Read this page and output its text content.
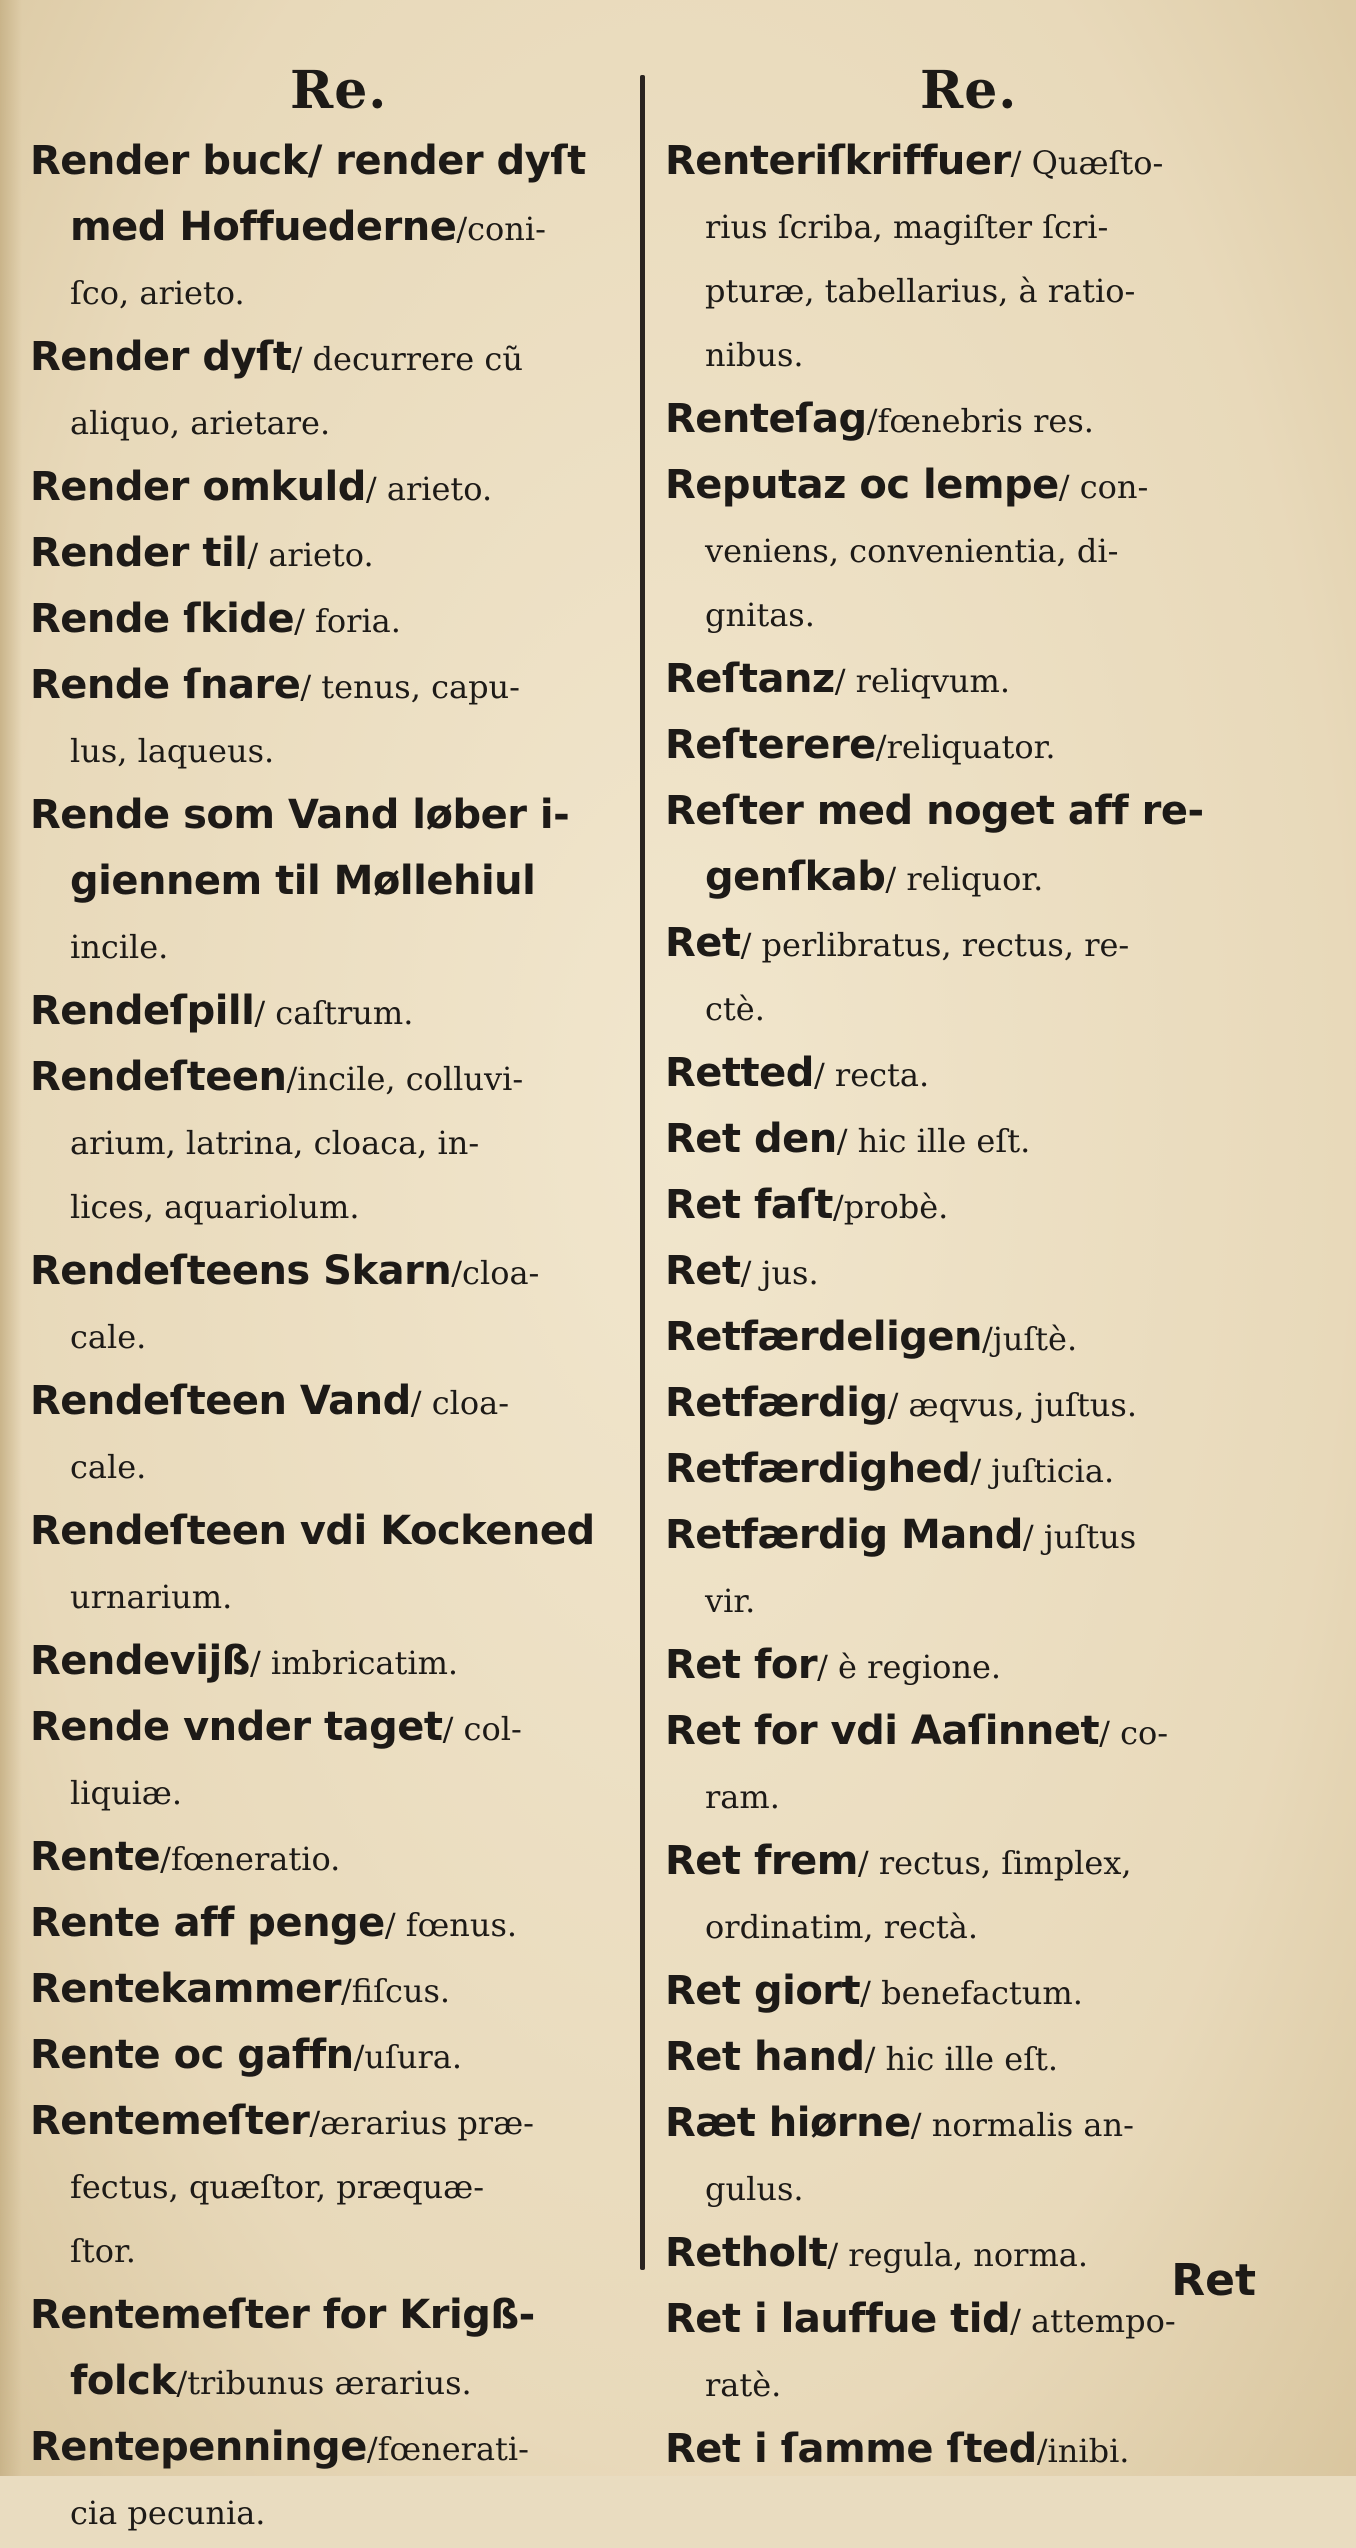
Re.
Render buck/ render dyſt
med Hoffuederne/coni-
ſco, arieto.
Render dyſt/ decurrere cũ
aliquo, arietare.
Render omkuld/ arieto.
Render til/ arieto.
Rende ſkide/ foria.
Rende ſnare/ tenus, capu-
lus, laqueus.
Rende som Vand løber i-
giennem til Møllehiul
incile.
Rendeſpill/ caſtrum.
Rendeſteen/incile, colluvi-
arium, latrina, cloaca, in-
lices, aquariolum.
Rendeſteens Skarn/cloa-
cale.
Rendeſteen Vand/ cloa-
cale.
Rendeſteen vdi Kockened
urnarium.
Rendevijß/ imbricatim.
Rende vnder taget/ col-
liquiæ.
Rente/fœneratio.
Rente aff penge/ fœnus.
Rentekammer/fiſcus.
Rente oc gaffn/uſura.
Rentemeſter/ærarius præ-
fectus, quæſtor, præquæ-
ſtor.
Rentemeſter for Krigß-
folck/tribunus ærarius.
Rentepenninge/fœnerati-
cia pecunia.
Re.
Renteriſkriffuer/ Quæſto-
rius ſcriba, magiſter ſcri-
pturæ, tabellarius, à ratio-
nibus.
Renteſag/fœnebris res.
Reputaz oc lempe/ con-
veniens, convenientia, di-
gnitas.
Reſtanz/ reliqvum.
Reſterere/reliquator.
Reſter med noget aff re-
genſkab/ reliquor.
Ret/ perlibratus, rectus, re-
ctè.
Retted/ recta.
Ret den/ hic ille eſt.
Ret faſt/probè.
Ret/ jus.
Retfærdeligen/juſtè.
Retfærdig/ æqvus, juſtus.
Retfærdighed/ juſticia.
Retfærdig Mand/ juſtus
vir.
Ret for/ è regione.
Ret for vdi Aaſinnet/ co-
ram.
Ret frem/ rectus, ſimplex,
ordinatim, rectà.
Ret giort/ benefactum.
Ret hand/ hic ille eſt.
Ræt hiørne/ normalis an-
gulus.
Retholt/ regula, norma.
Ret i lauffue tid/ attempo-
ratè.
Ret i ſamme ſted/inibi.
Ret
